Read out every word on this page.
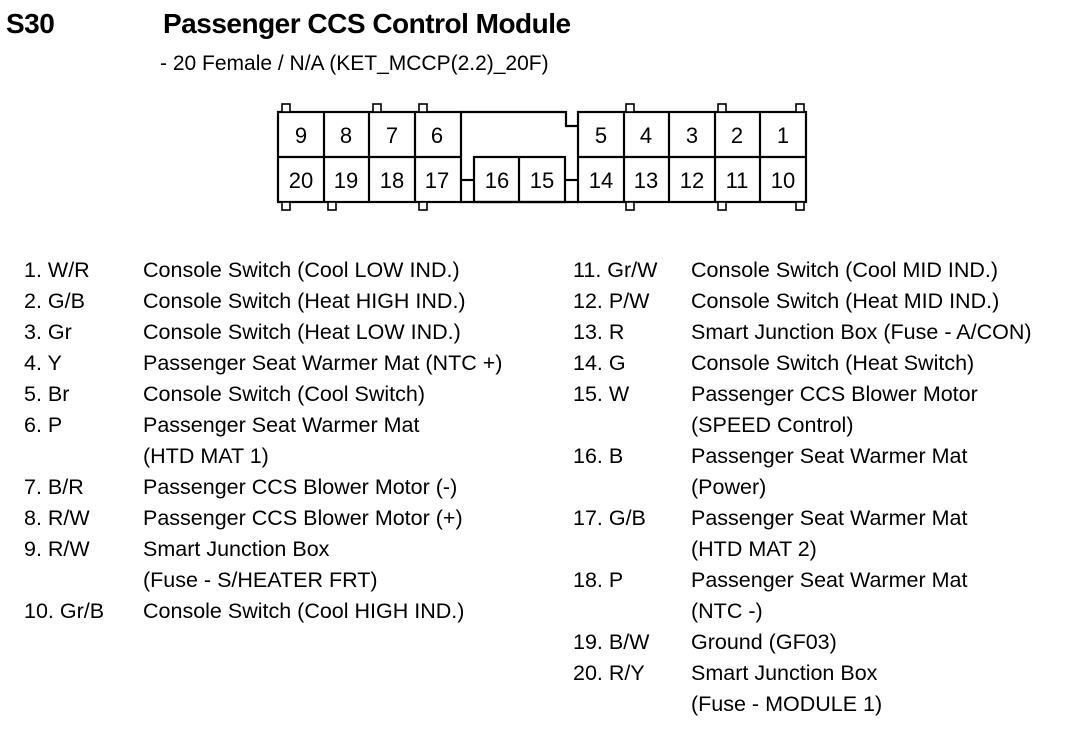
S30	Passenger CCS Control Module
- 20 Female / N/A (KET_MCCP(2.2)_20F)
9	8	7	6	5	4	3	2	1
20 19 18 17	16 15	14 13 12 11	10
1. W/R Console Switch (Cool LOW IND.)
2. G/B	Console Switch (Heat HIGH IND.)
3. Gr	Console Switch (Heat LOW IND.)
4. Y	Passenger Seat Warmer Mat (NTC +)
5. Br	Console Switch (Cool Switch)
6. P	Passenger Seat Warmer Mat
(HTD MAT 1)
7. B/R	Passenger CCS Blower Motor (-)
8. R/W Passenger CCS Blower Motor (+)
9. R/W Smart Junction Box
(Fuse - S/HEATER FRT)
10. Gr/B Console Switch (Cool HIGH IND.)
11. Gr/W Console Switch (Cool MID IND.)
12. P/W Console Switch (Heat MID IND.)
13. R	Smart Junction Box (Fuse - A/CON)
14. G	Console Switch (Heat Switch)
15. W	Passenger CCS Blower Motor
(SPEED Control)
16. B	Passenger Seat Warmer Mat
(Power)
17. G/B Passenger Seat Warmer Mat
(HTD MAT 2)
18. P	Passenger Seat Warmer Mat
(NTC -)
19. B/W Ground (GF03)
20. R/Y Smart Junction Box
(Fuse - MODULE 1)
